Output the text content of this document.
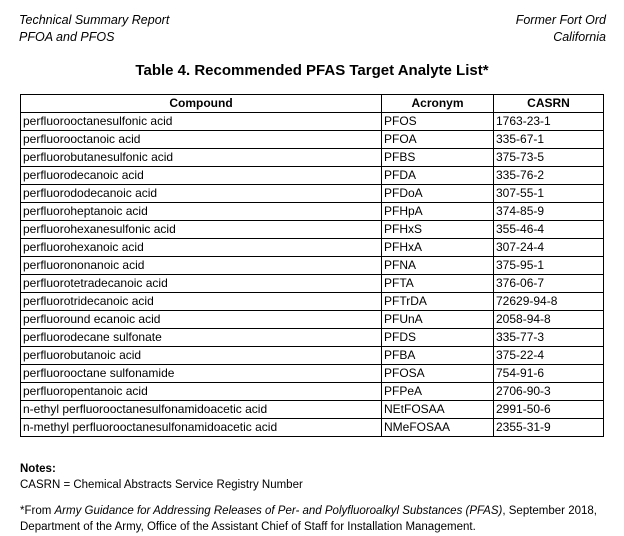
Technical Summary Report
PFOA and PFOS
Former Fort Ord
California
Table 4. Recommended PFAS Target Analyte List*
Compound	Acronym	CASRN
perfluorooctanesulfonic acid	PFOS	1763-23-1
perfluorooctanoic acid	PFOA	335-67-1
perfluorobutanesulfonic acid	PFBS	375-73-5
perfluorodecanoic acid	PFDA	335-76-2
perfluorododecanoic acid	PFDoA	307-55-1
perfluoroheptanoic acid	PFHpA	374-85-9
perfluorohexanesulfonic acid	PFHxS	355-46-4
perfluorohexanoic acid	PFHxA	307-24-4
perfluorononanoic acid	PFNA	375-95-1
perfluorotetradecanoic acid	PFTA	376-06-7
perfluorotridecanoic acid	PFTrDA	72629-94-8
perfluoround ecanoic acid	PFUnA	2058-94-8
perfluorodecane sulfonate	PFDS	335-77-3
perfluorobutanoic acid	PFBA	375-22-4
perfluorooctane sulfonamide	PFOSA	754-91-6
perfluoropentanoic acid	PFPeA	2706-90-3
n-ethyl perfluorooctanesulfonamidoacetic acid	NEtFOSAA	2991-50-6
n-methyl perfluorooctanesulfonamidoacetic acid	NMeFOSAA	2355-31-9
Notes:
CASRN = Chemical Abstracts Service Registry Number
*From Army Guidance for Addressing Releases of Per- and Polyfluoroalkyl Substances (PFAS), September 2018,
Department of the Army, Office of the Assistant Chief of Staff for Installation Management.
